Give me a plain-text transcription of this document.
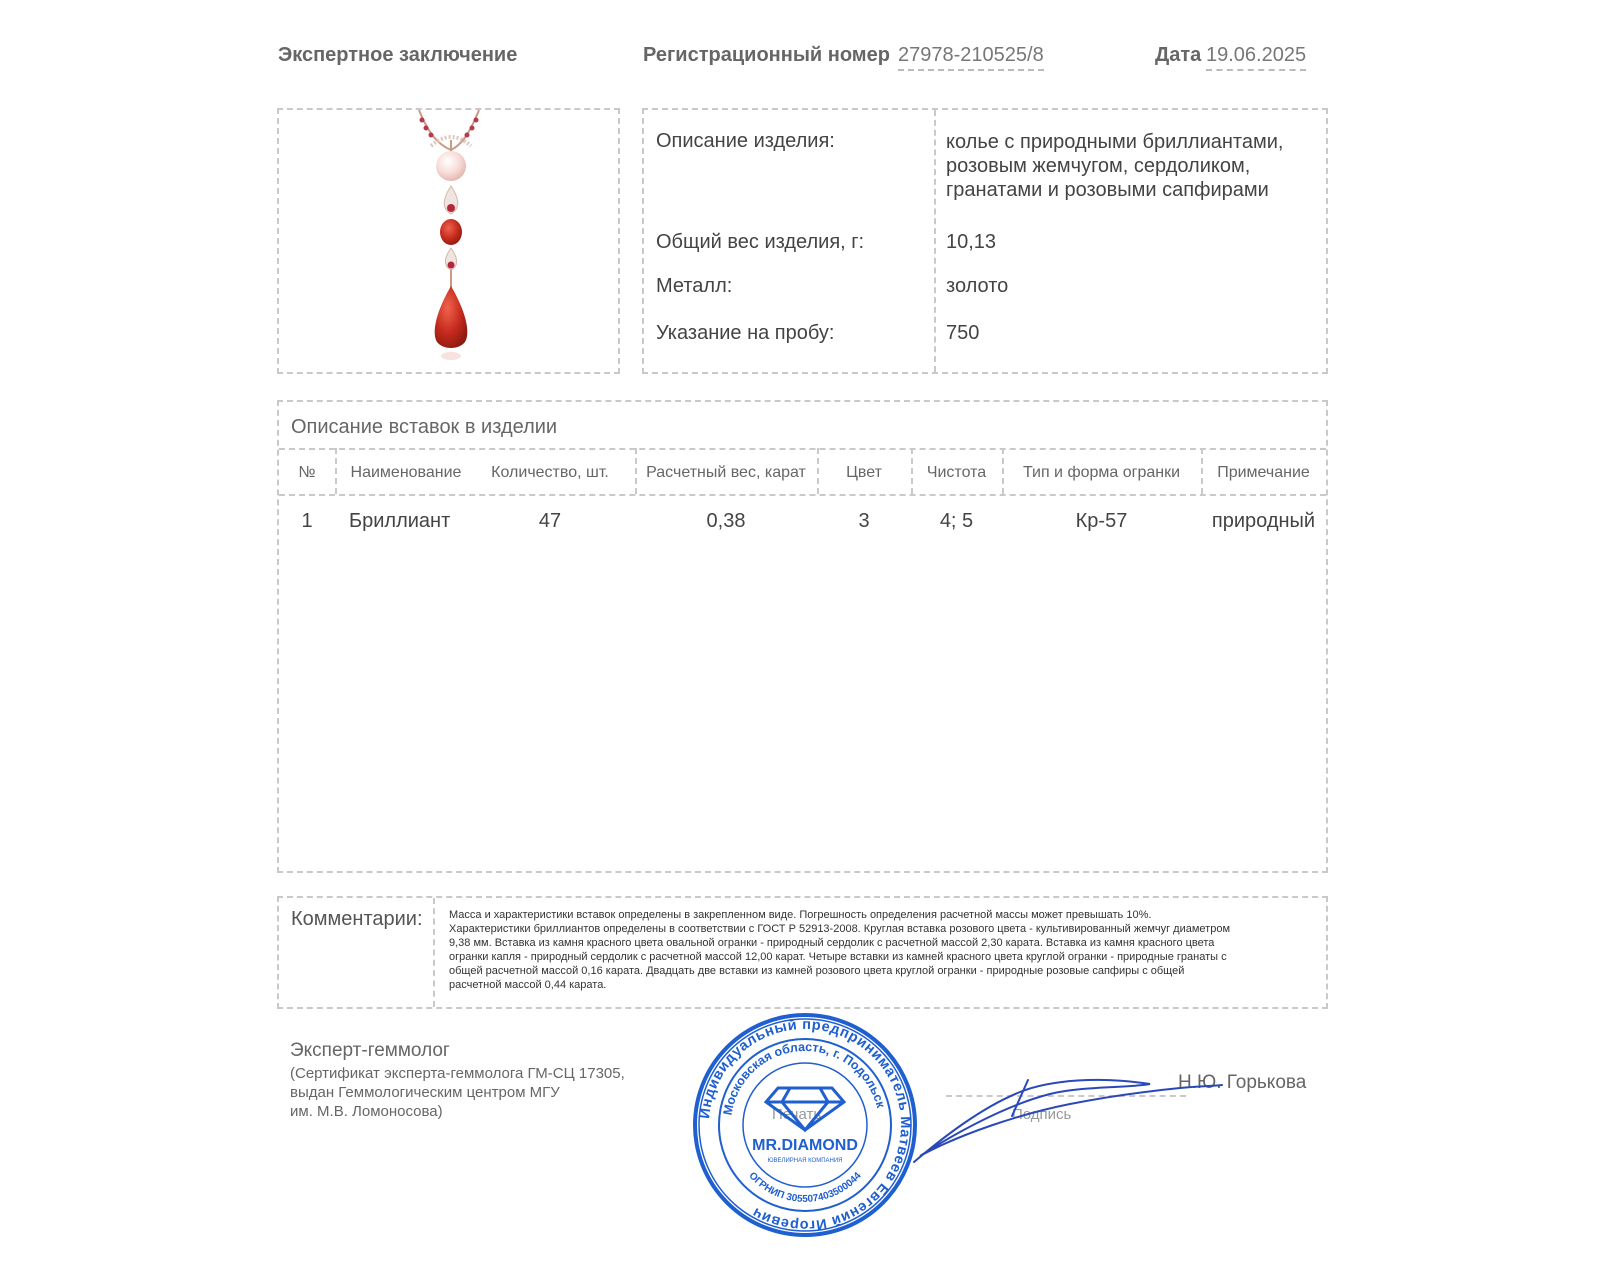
Экспертное заключение	Регистрационный номер 27978-210525/8	Дата 19.06.2025
Описание изделия:	колье с природными бриллиантами,
розовым жемчугом, сердоликом,
гранатами и розовыми сапфирами
Общий вес изделия, г:	10,13
Металл:	золото
Указание на пробу:	750
Описание вставок в изделии
№	Наименование	Количество, шт.	Расчетный вес, карат	Цвет	Чистота	Тип и форма огранки	Примечание
1	Бриллиант	47	0,38	3	4; 5	Кр-57	природный
Комментарии: Масса и характеристики вставок определены в закрепленном виде. Погрешность определения расчетной массы может превышать 10%.
Характеристики бриллиантов определены в соответствии с ГОСТ Р 52913-2008. Круглая вставка розового цвета - культивированный жемчуг диаметром
9,38 мм. Вставка из камня красного цвета овальной огранки - природный сердолик с расчетной массой 2,30 карата. Вставка из камня красного цвета
огранки капля - природный сердолик с расчетной массой 12,00 карат. Четыре вставки из камней красного цвета круглой огранки - природные гранаты с
общей расчетной массой 0,16 карата. Двадцать две вставки из камней розового цвета круглой огранки - природные розовые сапфиры с общей
расчетной массой 0,44 карата.
Эксперт-геммолог
(Сертификат эксперта-геммолога ГМ-СЦ 17305,
выдан Геммологическим центром МГУ
им. М.В. Ломоносова)	Печать	Подпись
Н.Ю. Горькова
Индивидуальный предприниматель Матвеев Евгений Игоревич
Московская область, г. Подольск
ОГРНИП 305507403500044
MR.DIAMOND
ЮВЕЛИРНАЯ КОМПАНИЯ
